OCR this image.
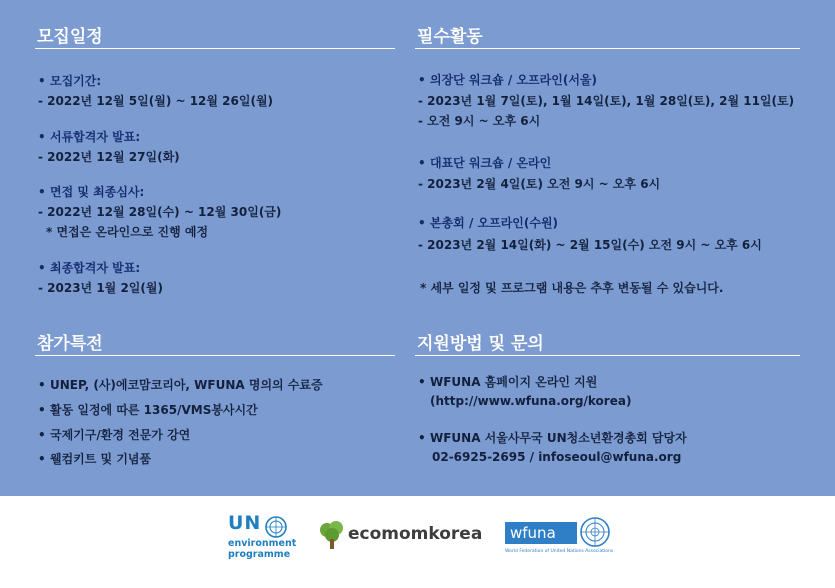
모집일정
• 모집기간:
- 2022년 12월 5일(월) ~ 12월 26일(월)
• 서류합격자 발표:
- 2022년 12월 27일(화)
• 면접 및 최종심사:
- 2022년 12월 28일(수) ~ 12월 30일(금)
* 면접은 온라인으로 진행 예정
• 최종합격자 발표:
- 2023년 1월 2일(월)
참가특전
• UNEP, (사)에코맘코리아, WFUNA 명의의 수료증
• 활동 일정에 따른 1365/VMS봉사시간
• 국제기구/환경 전문가 강연
• 웰컴키트 및 기념품
필수활동
• 의장단 워크숍 / 오프라인(서울)
- 2023년 1월 7일(토), 1월 14일(토), 1월 28일(토), 2월 11일(토)
- 오전 9시 ~ 오후 6시
• 대표단 워크숍 / 온라인
- 2023년 2월 4일(토) 오전 9시 ~ 오후 6시
• 본총회 / 오프라인(수원)
- 2023년 2월 14일(화) ~ 2월 15일(수) 오전 9시 ~ 오후 6시
* 세부 일정 및 프로그램 내용은 추후 변동될 수 있습니다.
지원방법 및 문의
• WFUNA 홈페이지 온라인 지원
(http://www.wfuna.org/korea)
• WFUNA 서울사무국 UN청소년환경총회 담당자
02-6925-2695 / infoseoul@wfuna.org
UN
environment
programme
ecomomkorea wfuna
World Federation of United Nations Associations
